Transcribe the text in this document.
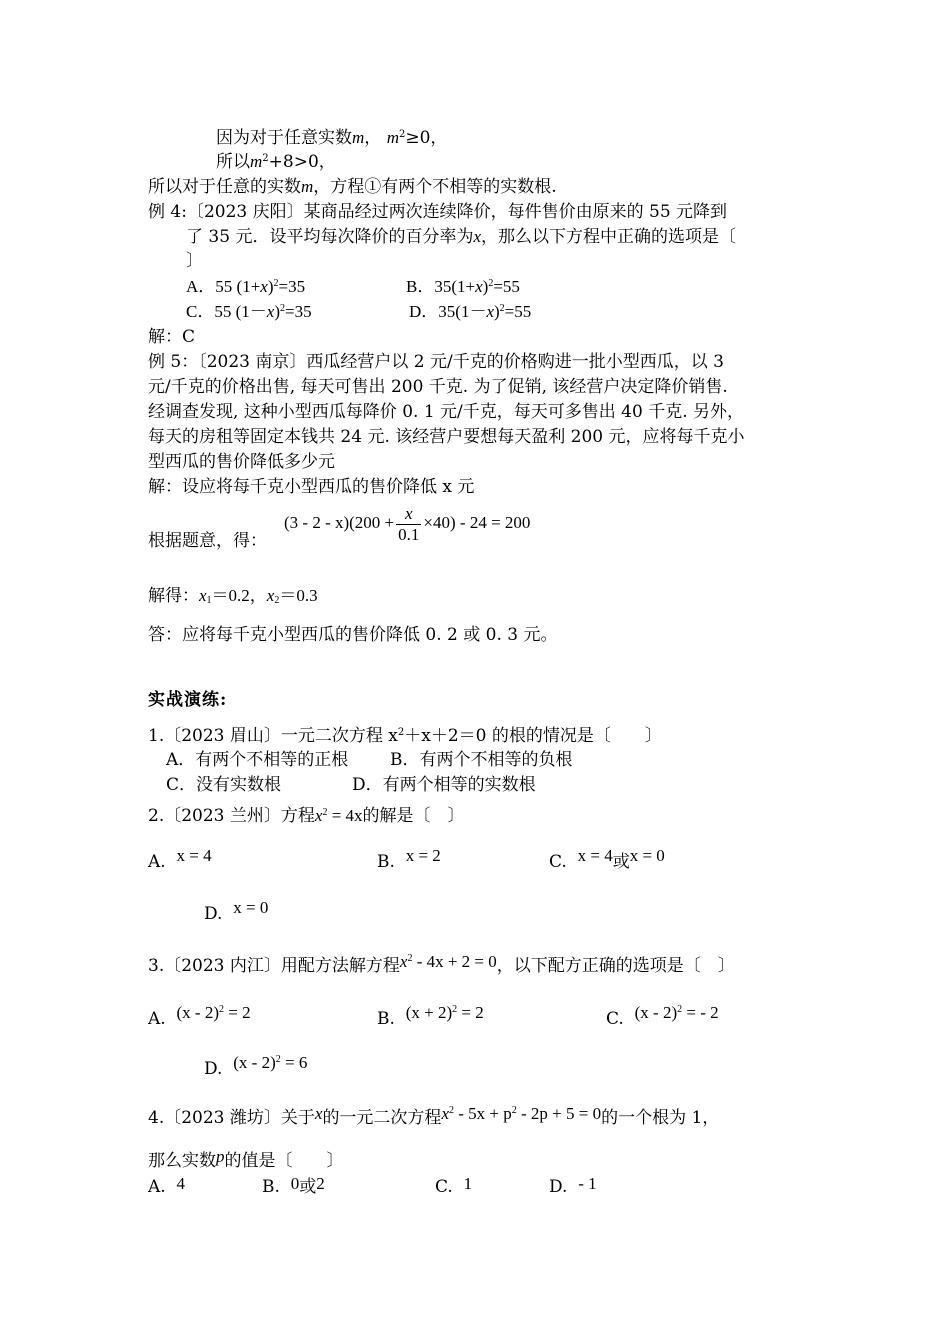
因为对于任意实数m， $m^2\ge 0$，
所以$m^2+8>0$，
所以对于任意的实数m，方程①有两个不相等的实数根.
例 4:〔2023 庆阳〕某商品经过两次连续降价，每件售价由原来的 55 元降到
了 35 元．设平均每次降价的百分率为x，那么以下方程中正确的选项是〔
〕
A．55 $(1+x)^2=35$	B．$35(1+x)^2=55$
C．55 $(1-x)^2=35$	D．$35(1-x)^2=55$
解：C
例 5：〔2023 南京〕西瓜经营户以 2 元/千克的价格购进一批小型西瓜，以 3
元/千克的价格出售, 每天可售出 200 千克. 为了促销, 该经营户决定降价销售.
经调查发现, 这种小型西瓜每降价 0. 1 元/千克，每天可多售出 40 千克. 另外，
每天的房租等固定本钱共 24 元. 该经营户要想每天盈利 200 元，应将每千克小
型西瓜的售价降低多少元
解：设应将每千克小型西瓜的售价降低 x 元
根据题意，得：
$(3 - 2 - x)(200 + \frac{x}{0.1} \times 40) - 24 = 200$
解得：$x_1=0.2$，$x_2=0.3$
答：应将每千克小型西瓜的售价降低 0. 2 或 0. 3 元。
实战演练:
1.〔2023 眉山〕一元二次方程 $x^2+x+2=0$ 的根的情况是〔　　〕
A．有两个不相等的正根 B．有两个不相等的负根
C．没有实数根	D．有两个相等的实数根
2.〔2023 兰州〕方程$x^2 = 4x$的解是〔　〕
A. x = 4	B. x = 2	C. x = 4或x = 0
D. x = 0
3.〔2023 内江〕用配方法解方程$x^2 - 4x + 2 = 0$，以下配方正确的选项是〔　〕
A. (x - 2)$^2$ = 2	B. $(x + 2)^2 = 2$	C. (x - 2)$^2$ = - 2
D. (x - 2)$^2$ = 6
4.〔2023 潍坊〕关于x的一元二次方程$x^2 - 5x + p^2 - 2p + 5 = 0$的一个根为 1，
那么实数p的值是〔　　〕
A. 4	B. 0或2	C. 1	D. - 1
